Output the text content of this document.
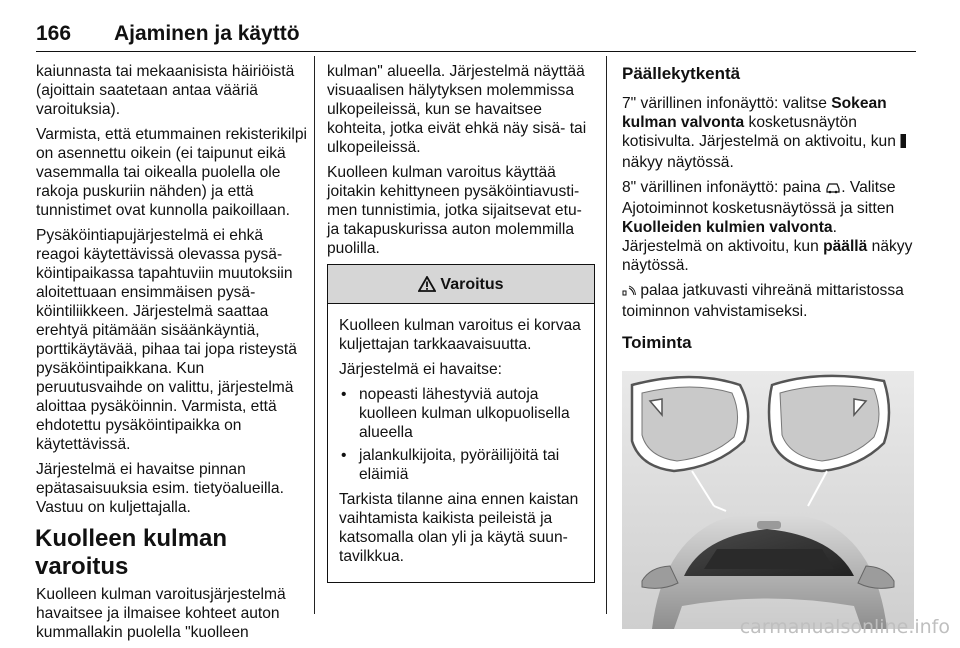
166 Ajaminen ja käyttö

kaiunnasta tai mekaanisista häiriöistä (ajoittain saatetaan antaa vääriä varoituksia).

Varmista, että etummainen rekisterikilpi on asennettu oikein (ei taipunut eikä vasemmalla tai oikealla puolella ole rakoja puskuriin nähden) ja että tunnistimet ovat kunnolla paikoillaan.

Pysäköintiapujärjestelmä ei ehkä reagoi käytettävissä olevassa pysäköintipaikassa tapahtuviin muutoksiin aloitettuaan ensimmäisen pysäköintiliikkeen. Järjestelmä saattaa erehtyä pitämään sisäänkäyntiä, porttikäytävää, pihaa tai jopa risteystä pysäköintipaikkana. Kun peruutusvaihde on valittu, järjestelmä aloittaa pysäköinnin. Varmista, että ehdotettu pysäköintipaikka on käytettävissä.

Järjestelmä ei havaitse pinnan epätasaisuuksia esim. tietyöalueilla. Vastuu on kuljettajalla.

Kuolleen kulman varoitus

Kuolleen kulman varoitusjärjestelmä havaitsee ja ilmaisee kohteet auton kummallakin puolella "kuolleen

kulman" alueella. Järjestelmä näyttää visuaalisen hälytyksen molemmissa ulkopeileissä, kun se havaitsee kohteita, jotka eivät ehkä näy sisä- tai ulkopeileissä.

Kuolleen kulman varoitus käyttää joitakin kehittyneen pysäköintiavustimen tunnistimia, jotka sijaitsevat etu- ja takapuskurissa auton molemmilla puolilla.

Varoitus

Kuolleen kulman varoitus ei korvaa kuljettajan tarkkaavaisuutta.

Järjestelmä ei havaitse:

• nopeasti lähestyviä autoja kuolleen kulman ulkopuolisella alueella
• jalankulkijoita, pyöräilijöitä tai eläimiä

Tarkista tilanne aina ennen kaistan vaihtamista kaikista peileistä ja katsomalla olan yli ja käytä suuntavilkkua.

Päällekytkentä

7" värillinen infonäyttö: valitse Sokean kulman valvonta kosketusnäytön kotisivulta. Järjestelmä on aktivoitu, kun  näkyy näytössä.

8" värillinen infonäyttö: paina . Valitse Ajotoiminnot kosketusnäytössä ja sitten Kuolleiden kulmien valvonta. Järjestelmä on aktivoitu, kun päällä näkyy näytössä.

palaa jatkuvasti vihreänä mittaristossa toiminnon vahvistamiseksi.

Toiminta
carmanualsonline.info
